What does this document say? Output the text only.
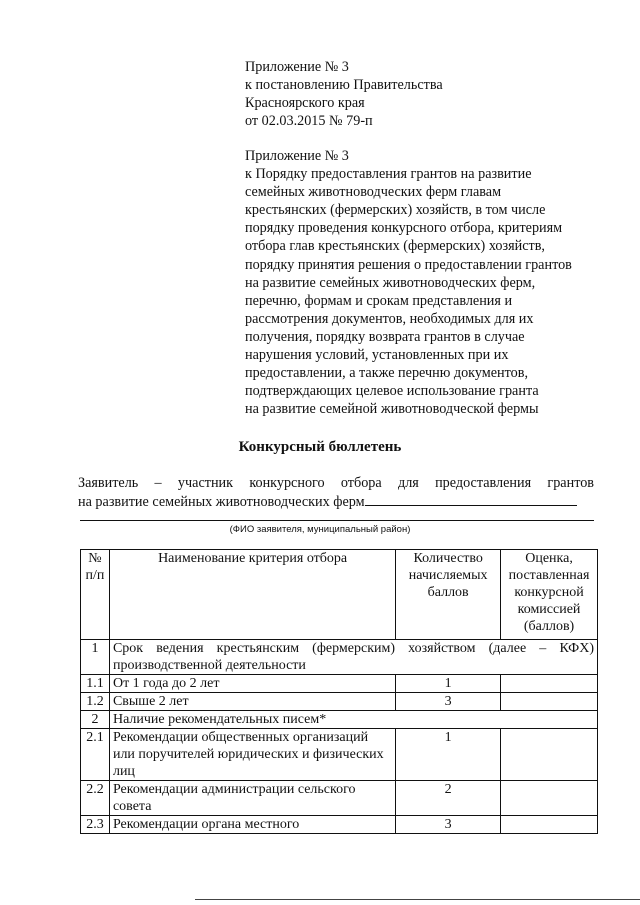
Приложение № 3
к постановлению Правительства
Красноярского края
от 02.03.2015 № 79-п
Приложение № 3
к Порядку предоставления грантов на развитие
семейных животноводческих ферм главам
крестьянских (фермерских) хозяйств, в том числе
порядку проведения конкурсного отбора, критериям
отбора глав крестьянских (фермерских) хозяйств,
порядку принятия решения о предоставлении грантов
на развитие семейных животноводческих ферм,
перечню, формам и срокам представления и
рассмотрения документов, необходимых для их
получения, порядку возврата грантов в случае
нарушения условий, установленных при их
предоставлении, а также перечню документов,
подтверждающих целевое использование гранта
на развитие семейной животноводческой фермы
Конкурсный бюллетень
Заявитель – участник конкурсного отбора для предоставления грантов
на развитие семейных животноводческих ферм
(ФИО заявителя, муниципальный район)
№ п/п	Наименование критерия отбора	Количество начисляемых баллов	Оценка, поставленная конкурсной комиссией (баллов)
1	Срок ведения крестьянским (фермерским) хозяйством (далее – КФХ) производственной деятельности		
1.1	От 1 года до 2 лет	1	
1.2	Свыше 2 лет	3	
2	Наличие рекомендательных писем*		
2.1	Рекомендации общественных организаций или поручителей юридических и физических лиц	1	
2.2	Рекомендации администрации сельского совета	2	
2.3	Рекомендации органа местного	3	
